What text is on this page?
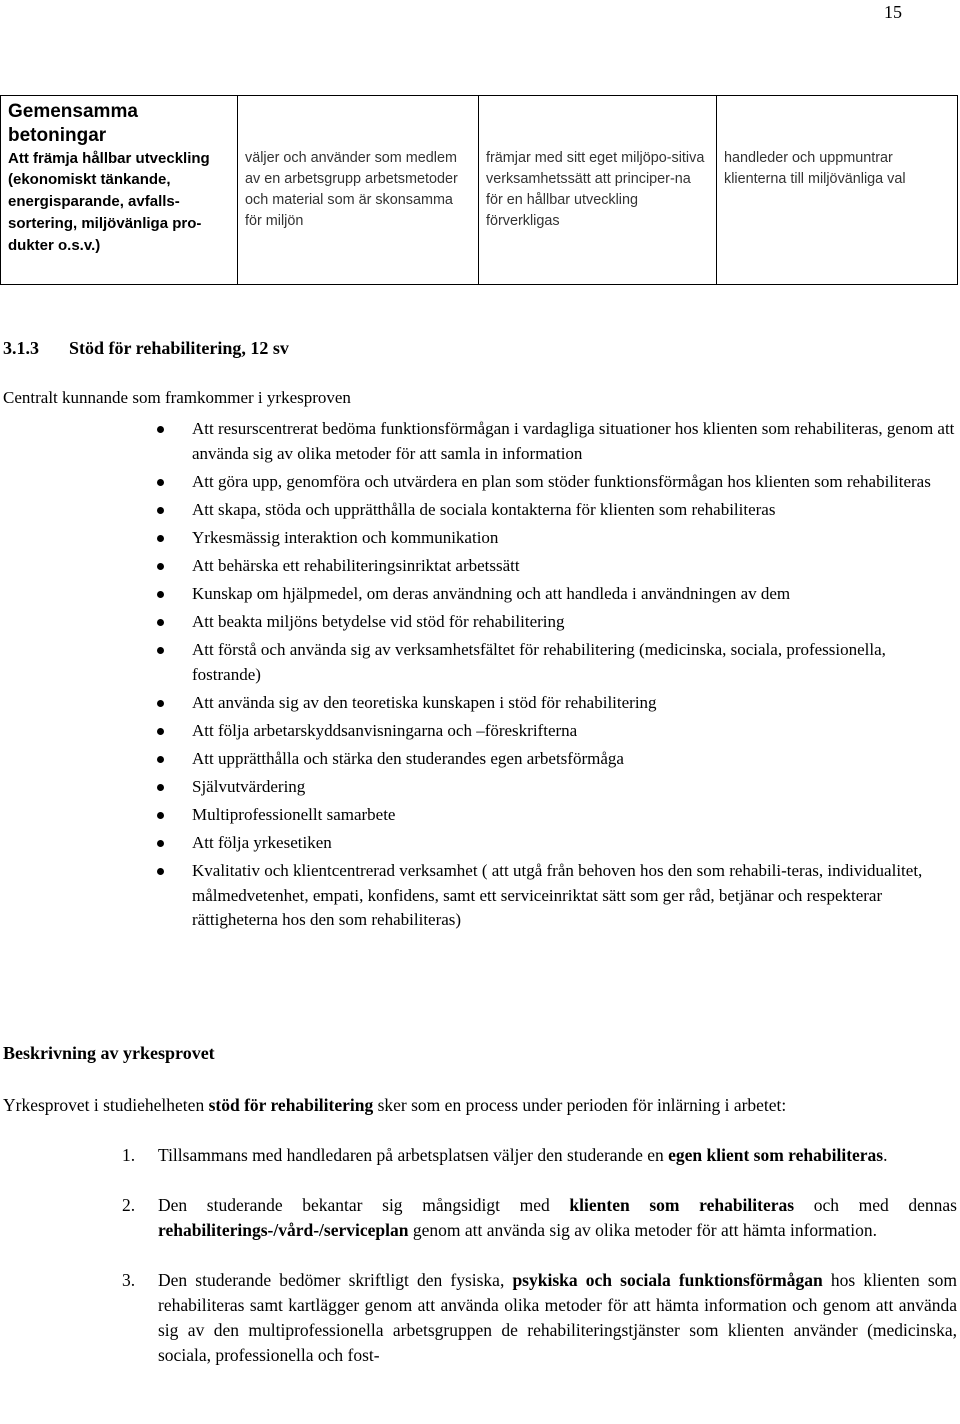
15
Gemensamma betoningar
Att främja hållbar utveckling
(ekonomiskt tänkande, energisparande, avfalls-sortering, miljövänliga pro-dukter o.s.v.)	väljer och använder som medlem av en arbetsgrupp arbetsmetoder och material som är skonsamma för miljön	främjar med sitt eget miljöpo-sitiva verksamhetssätt att principer-na för en hållbar utveckling förverkligas	handleder och uppmuntrar klienterna till miljövänliga val
3.1.3 Stöd för rehabilitering, 12 sv
Centralt kunnande som framkommer i yrkesproven
Att resurscentrerat bedöma funktionsförmågan i vardagliga situationer hos klienten som rehabiliteras, genom att använda sig av olika metoder för att samla in information
Att göra upp, genomföra och utvärdera en plan som stöder funktionsförmågan hos klienten som rehabiliteras
Att skapa, stöda och upprätthålla de sociala kontakterna för klienten som rehabiliteras
Yrkesmässig interaktion och kommunikation
Att behärska ett rehabiliteringsinriktat arbetssätt
Kunskap om hjälpmedel, om deras användning och att handleda i användningen av dem
Att beakta miljöns betydelse vid stöd för rehabilitering
Att förstå och använda sig av verksamhetsfältet för rehabilitering (medicinska, sociala, professionella, fostrande)
Att använda sig av den teoretiska kunskapen i stöd för rehabilitering
Att följa arbetarskyddsanvisningarna och –föreskrifterna
Att upprätthålla och stärka den studerandes egen arbetsförmåga
Självutvärdering
Multiprofessionellt samarbete
Att följa yrkesetiken
Kvalitativ och klientcentrerad verksamhet ( att utgå från behoven hos den som rehabili-teras, individualitet, målmedvetenhet, empati, konfidens, samt ett serviceinriktat sätt som ger råd, betjänar och respekterar rättigheterna hos den som rehabiliteras)
Beskrivning av yrkesprovet
Yrkesprovet i studiehelheten stöd för rehabilitering sker som en process under perioden för inlärning i arbetet:
1. Tillsammans med handledaren på arbetsplatsen väljer den studerande en egen klient som rehabiliteras.
2. Den studerande bekantar sig mångsidigt med klienten som rehabiliteras och med dennas rehabiliterings-/vård-/serviceplan genom att använda sig av olika metoder för att hämta information.
3. Den studerande bedömer skriftligt den fysiska, psykiska och sociala funktionsförmågan hos klienten som rehabiliteras samt kartlägger genom att använda olika metoder för att hämta information och genom att använda sig av den multiprofessionella arbetsgruppen de rehabiliteringstjänster som klienten använder (medicinska, sociala, professionella och fost-
